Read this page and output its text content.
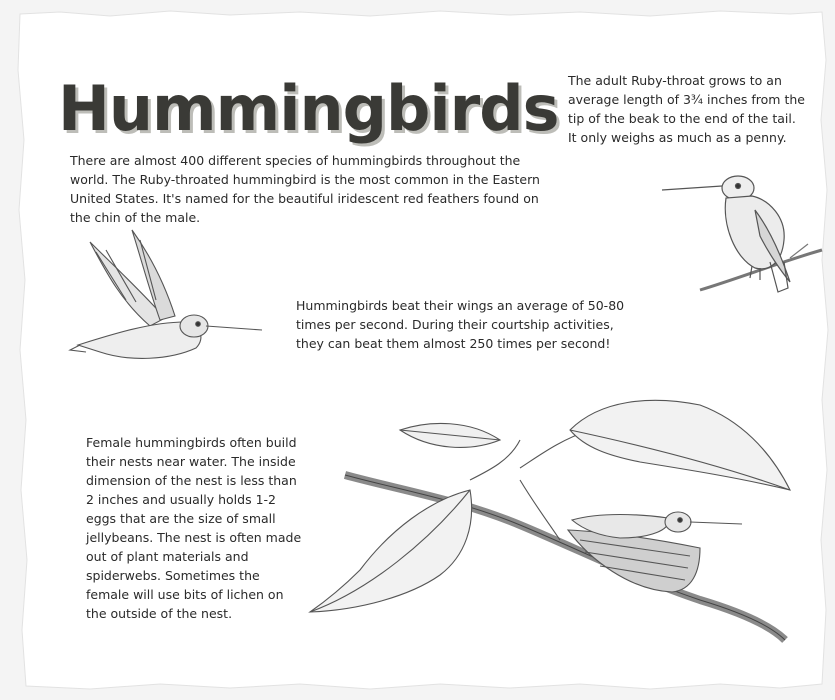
Hummingbirds

There are almost 400 different species of hummingbirds throughout the world. The Ruby-throated hummingbird is the most common in the Eastern United States. It's named for the beautiful iridescent red feathers found on the chin of the male.

The adult Ruby-throat grows to an average length of 3¾ inches from the tip of the beak to the end of the tail. It only weighs as much as a penny.

Hummingbirds beat their wings an average of 50-80 times per second. During their courtship activities, they can beat them almost 250 times per second!

Female hummingbirds often build their nests near water. The inside dimension of the nest is less than 2 inches and usually holds 1-2 eggs that are the size of small jellybeans. The nest is often made out of plant materials and spiderwebs. Sometimes the female will use bits of lichen on the outside of the nest.
